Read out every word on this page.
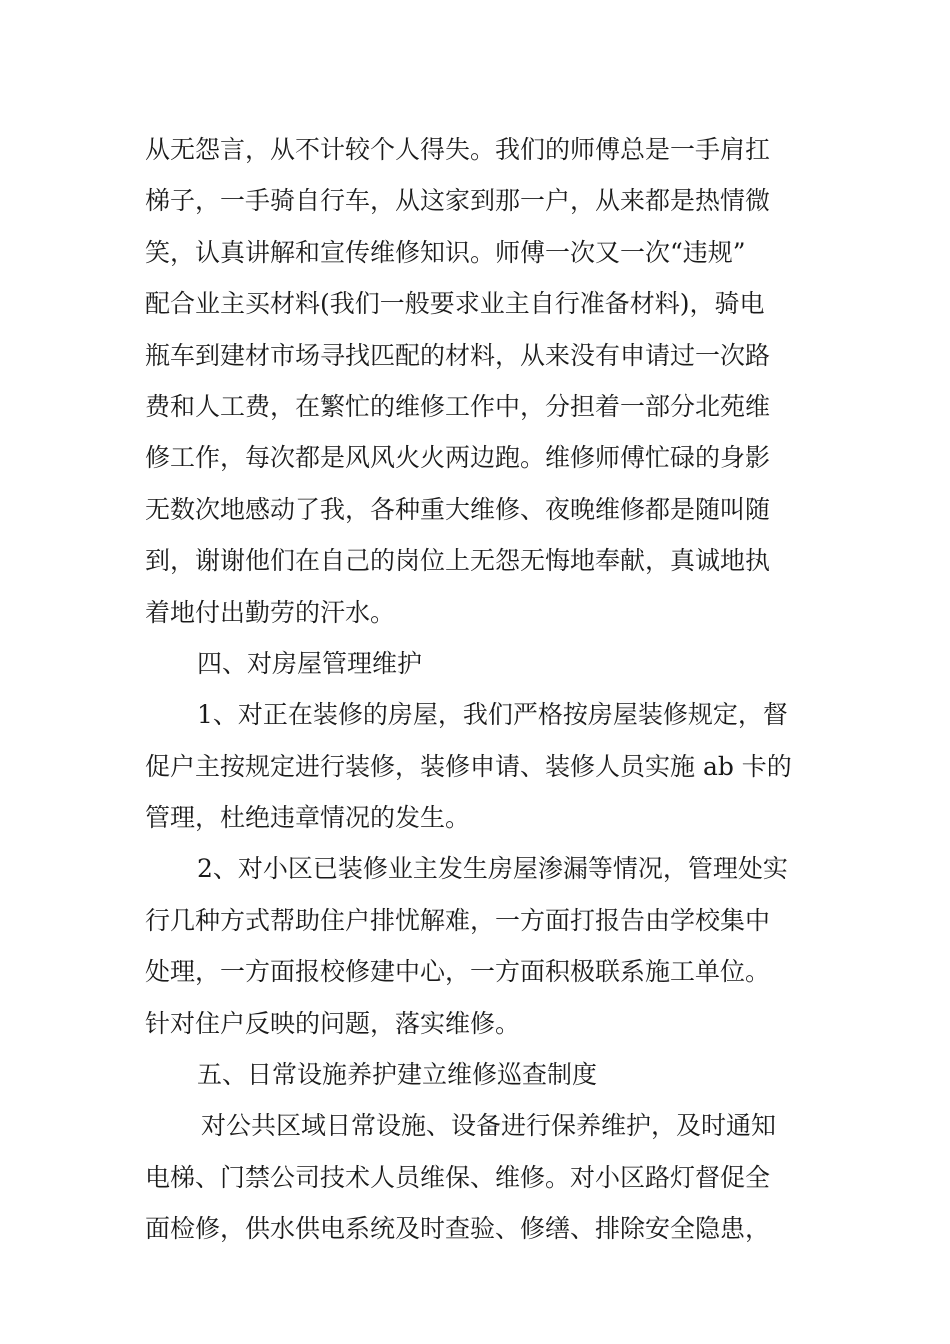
从无怨言，从不计较个人得失。我们的师傅总是一手肩扛
梯子，一手骑自行车，从这家到那一户，从来都是热情微
笑，认真讲解和宣传维修知识。师傅一次又一次“违规”
配合业主买材料(我们一般要求业主自行准备材料)，骑电
瓶车到建材市场寻找匹配的材料，从来没有申请过一次路
费和人工费，在繁忙的维修工作中，分担着一部分北苑维
修工作，每次都是风风火火两边跑。维修师傅忙碌的身影
无数次地感动了我，各种重大维修、夜晚维修都是随叫随
到，谢谢他们在自己的岗位上无怨无悔地奉献，真诚地执
着地付出勤劳的汗水。
四、对房屋管理维护
1、对正在装修的房屋，我们严格按房屋装修规定，督
促户主按规定进行装修，装修申请、装修人员实施 ab 卡的
管理，杜绝违章情况的发生。
2、对小区已装修业主发生房屋渗漏等情况，管理处实
行几种方式帮助住户排忧解难，一方面打报告由学校集中
处理，一方面报校修建中心，一方面积极联系施工单位。
针对住户反映的问题，落实维修。
五、日常设施养护建立维修巡查制度
对公共区域日常设施、设备进行保养维护，及时通知
电梯、门禁公司技术人员维保、维修。对小区路灯督促全
面检修，供水供电系统及时查验、修缮、排除安全隐患，
